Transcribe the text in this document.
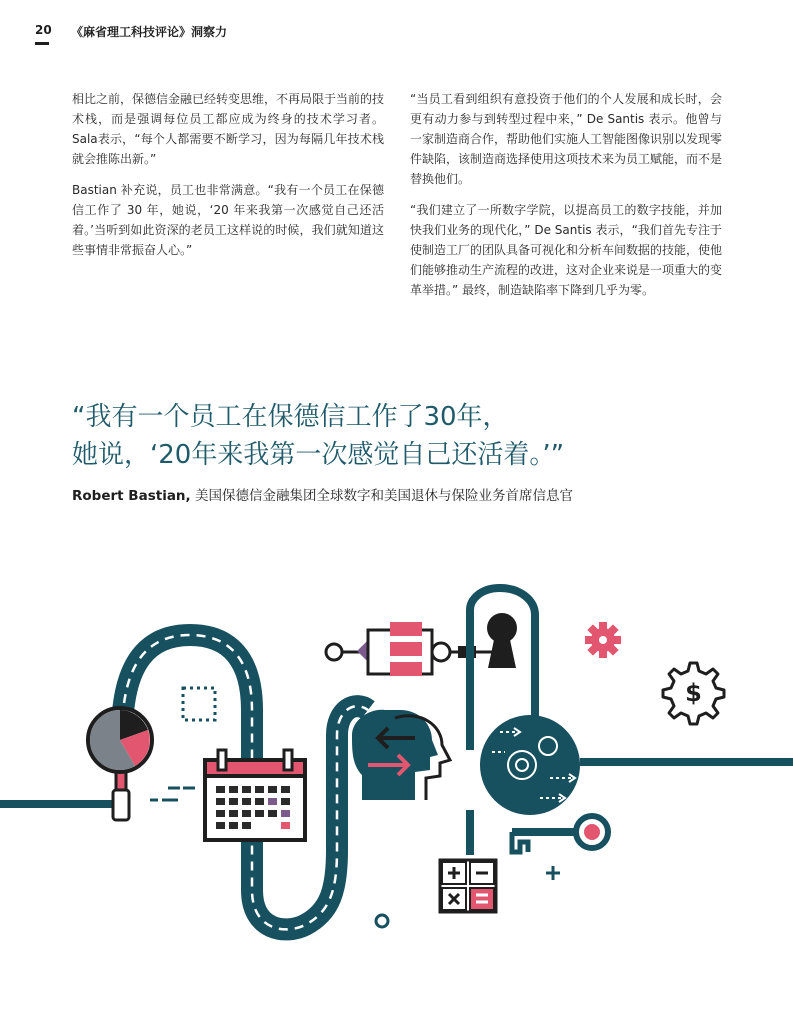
20 《麻省理工科技评论》洞察力

相比之前，保德信金融已经转变思维，不再局限于当前的技术栈，而是强调每位员工都应成为终身的技术学习者。Sala表示，“每个人都需要不断学习，因为每隔几年技术栈就会推陈出新。”

Bastian 补充说，员工也非常满意。“我有一个员工在保德信工作了 30 年，她说，‘20 年来我第一次感觉自己还活着。’当听到如此资深的老员工这样说的时候，我们就知道这些事情非常振奋人心。”

“当员工看到组织有意投资于他们的个人发展和成长时，会更有动力参与到转型过程中来，” De Santis 表示。他曾与一家制造商合作，帮助他们实施人工智能图像识别以发现零件缺陷，该制造商选择使用这项技术来为员工赋能，而不是替换他们。

“我们建立了一所数字学院，以提高员工的数字技能，并加快我们业务的现代化，” De Santis 表示，“我们首先专注于使制造工厂的团队具备可视化和分析车间数据的技能，使他们能够推动生产流程的改进，这对企业来说是一项重大的变革举措。” 最终，制造缺陷率下降到几乎为零。

“我有一个员工在保德信工作了30年，
她说，‘20年来我第一次感觉自己还活着。’”
Robert Bastian, 美国保德信金融集团全球数字和美国退休与保险业务首席信息官
$
